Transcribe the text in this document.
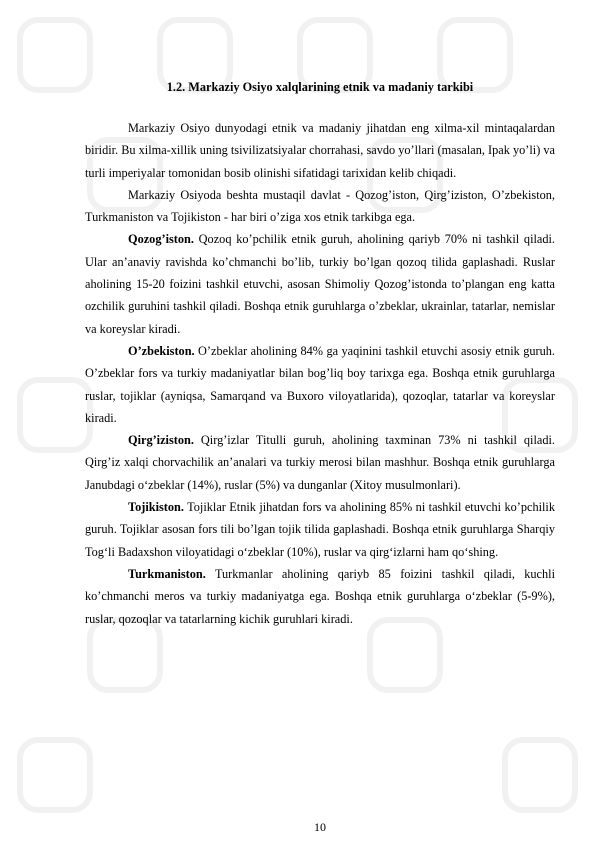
1.2. Markaziy Osiyo xalqlarining etnik va madaniy tarkibi

Markaziy Osiyo dunyodagi etnik va madaniy jihatdan eng xilma-xil mintaqalardan biridir. Bu xilma-xillik uning tsivilizatsiyalar chorrahasi, savdo yo’llari (masalan, Ipak yo’li) va turli imperiyalar tomonidan bosib olinishi sifatidagi tarixidan kelib chiqadi.

Markaziy Osiyoda beshta mustaqil davlat - Qozog’iston, Qirg’iziston, O’zbekiston, Turkmaniston va Tojikiston - har biri o’ziga xos etnik tarkibga ega.

Qozog’iston. Qozoq ko’pchilik etnik guruh, aholining qariyb 70% ni tashkil qiladi. Ular an’anaviy ravishda ko’chmanchi bo’lib, turkiy bo’lgan qozoq tilida gaplashadi. Ruslar aholining 15-20 foizini tashkil etuvchi, asosan Shimoliy Qozog’istonda to’plangan eng katta ozchilik guruhini tashkil qiladi. Boshqa etnik guruhlarga o’zbeklar, ukrainlar, tatarlar, nemislar va koreyslar kiradi.

O’zbekiston. O’zbeklar aholining 84% ga yaqinini tashkil etuvchi asosiy etnik guruh. O’zbeklar fors va turkiy madaniyatlar bilan bog’liq boy tarixga ega. Boshqa etnik guruhlarga ruslar, tojiklar (ayniqsa, Samarqand va Buxoro viloyatlarida), qozoqlar, tatarlar va koreyslar kiradi.

Qirg’iziston. Qirg’izlar Titulli guruh, aholining taxminan 73% ni tashkil qiladi. Qirg’iz xalqi chorvachilik an’analari va turkiy merosi bilan mashhur. Boshqa etnik guruhlarga Janubdagi o‘zbeklar (14%), ruslar (5%) va dunganlar (Xitoy musulmonlari).

Tojikiston. Tojiklar Etnik jihatdan fors va aholining 85% ni tashkil etuvchi ko’pchilik guruh. Tojiklar asosan fors tili bo’lgan tojik tilida gaplashadi. Boshqa etnik guruhlarga Sharqiy Tog‘li Badaxshon viloyatidagi o‘zbeklar (10%), ruslar va qirg‘izlarni ham qo‘shing.

Turkmaniston. Turkmanlar aholining qariyb 85 foizini tashkil qiladi, kuchli ko’chmanchi meros va turkiy madaniyatga ega. Boshqa etnik guruhlarga o‘zbeklar (5-9%), ruslar, qozoqlar va tatarlarning kichik guruhlari kiradi.

10
